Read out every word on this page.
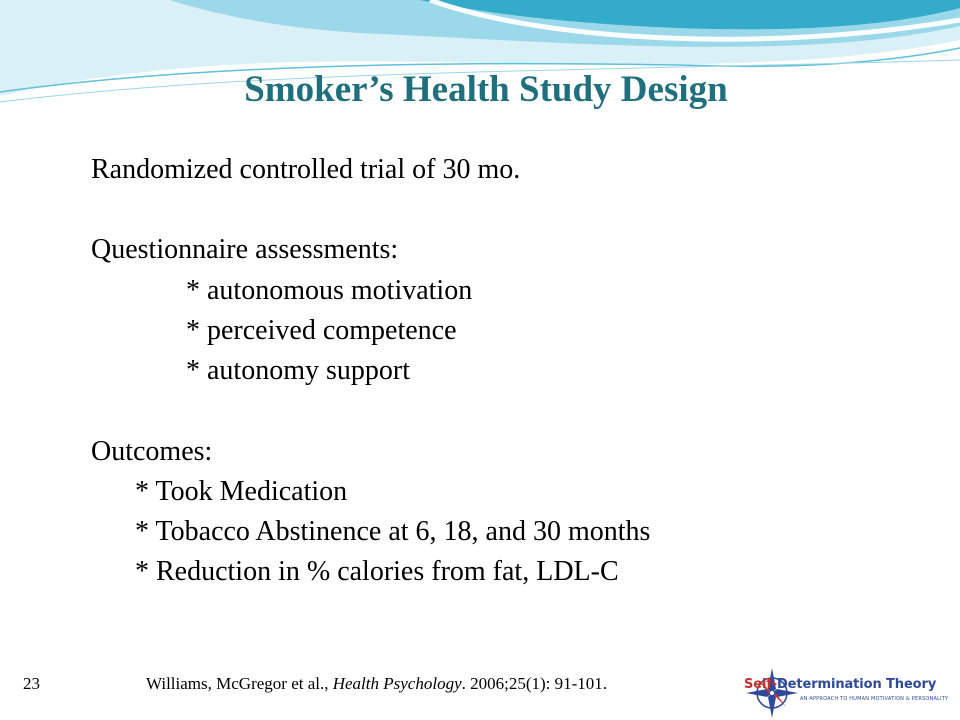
Smoker’s Health Study Design
Randomized controlled trial of 30 mo.
Questionnaire assessments:
* autonomous motivation
* perceived competence
* autonomy support
Outcomes:
* Took Medication
* Tobacco Abstinence at 6, 18, and 30 months
* Reduction in % calories from fat, LDL-C
23	Williams, McGregor et al., Health Psychology. 2006;25(1): 91-101.	Self-Determination Theory
AN APPROACH TO HUMAN MOTIVATION & PERSONALITY
